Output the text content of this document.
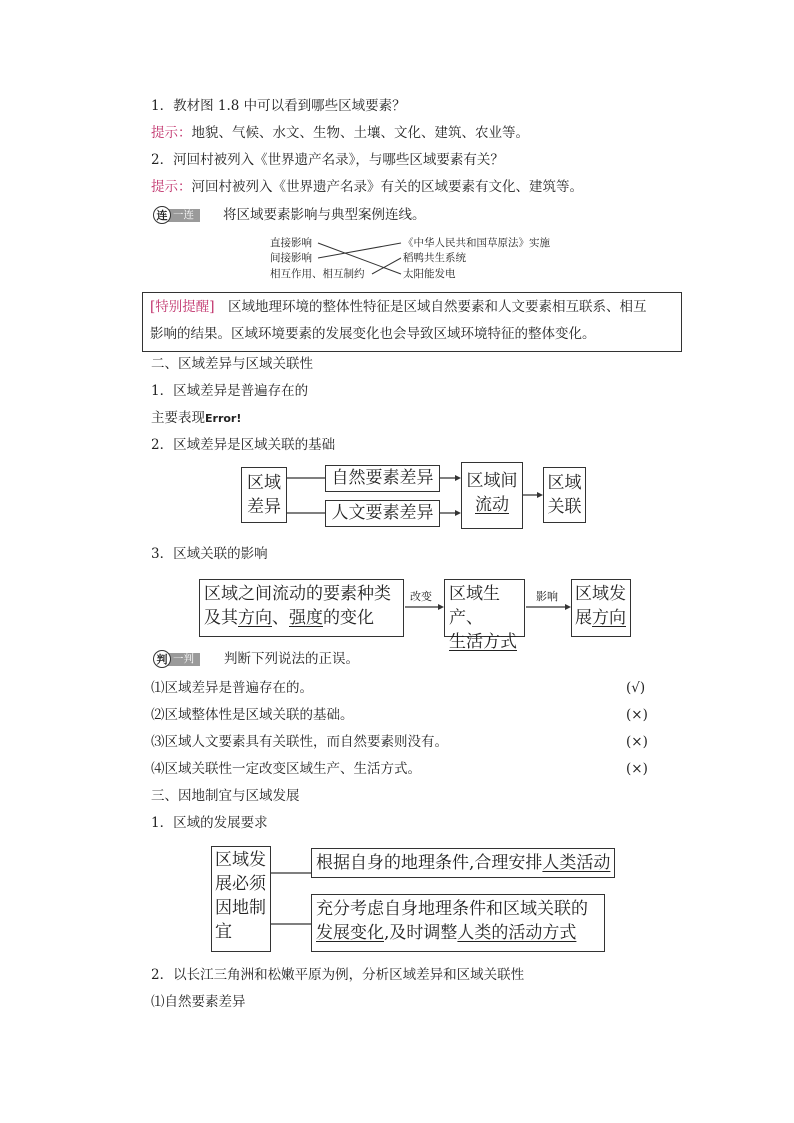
1．教材图 1.8 中可以看到哪些区域要素？
提示：地貌、气候、水文、生物、土壤、文化、建筑、农业等。
2．河回村被列入《世界遗产名录》，与哪些区域要素有关？
提示：河回村被列入《世界遗产名录》有关的区域要素有文化、建筑等。
连 一连	将区域要素影响与典型案例连线。
直接影响
间接影响
相互作用、相互制约
《中华人民共和国草原法》实施
稻鸭共生系统
太阳能发电
[特别提醒]　区域地理环境的整体性特征是区域自然要素和人文要素相互联系、相互
影响的结果。区域环境要素的发展变化也会导致区域环境特征的整体变化。
二、区域差异与区域关联性
1．区域差异是普遍存在的
主要表现Error!
2．区域差异是区域关联的基础
区域
差异
自然要素差异
人文要素差异
区域间
流动
区域
关联
3．区域关联的影响
区域之间流动的要素种类
及其方向、强度的变化
改变 区域生产、
生活方式
影响 区域发
展方向
判 一判	判断下列说法的正误。
⑴区域差异是普遍存在的。	(√)
⑵区域整体性是区域关联的基础。	(×)
⑶区域人文要素具有关联性，而自然要素则没有。	(×)
⑷区域关联性一定改变区域生产、生活方式。	(×)
三、因地制宜与区域发展
1．区域的发展要求
区域发
展必须
因地制
宜
根据自身的地理条件,合理安排人类活动
充分考虑自身地理条件和区域关联的
发展变化,及时调整人类的活动方式
2．以长江三角洲和松嫩平原为例，分析区域差异和区域关联性
⑴自然要素差异
